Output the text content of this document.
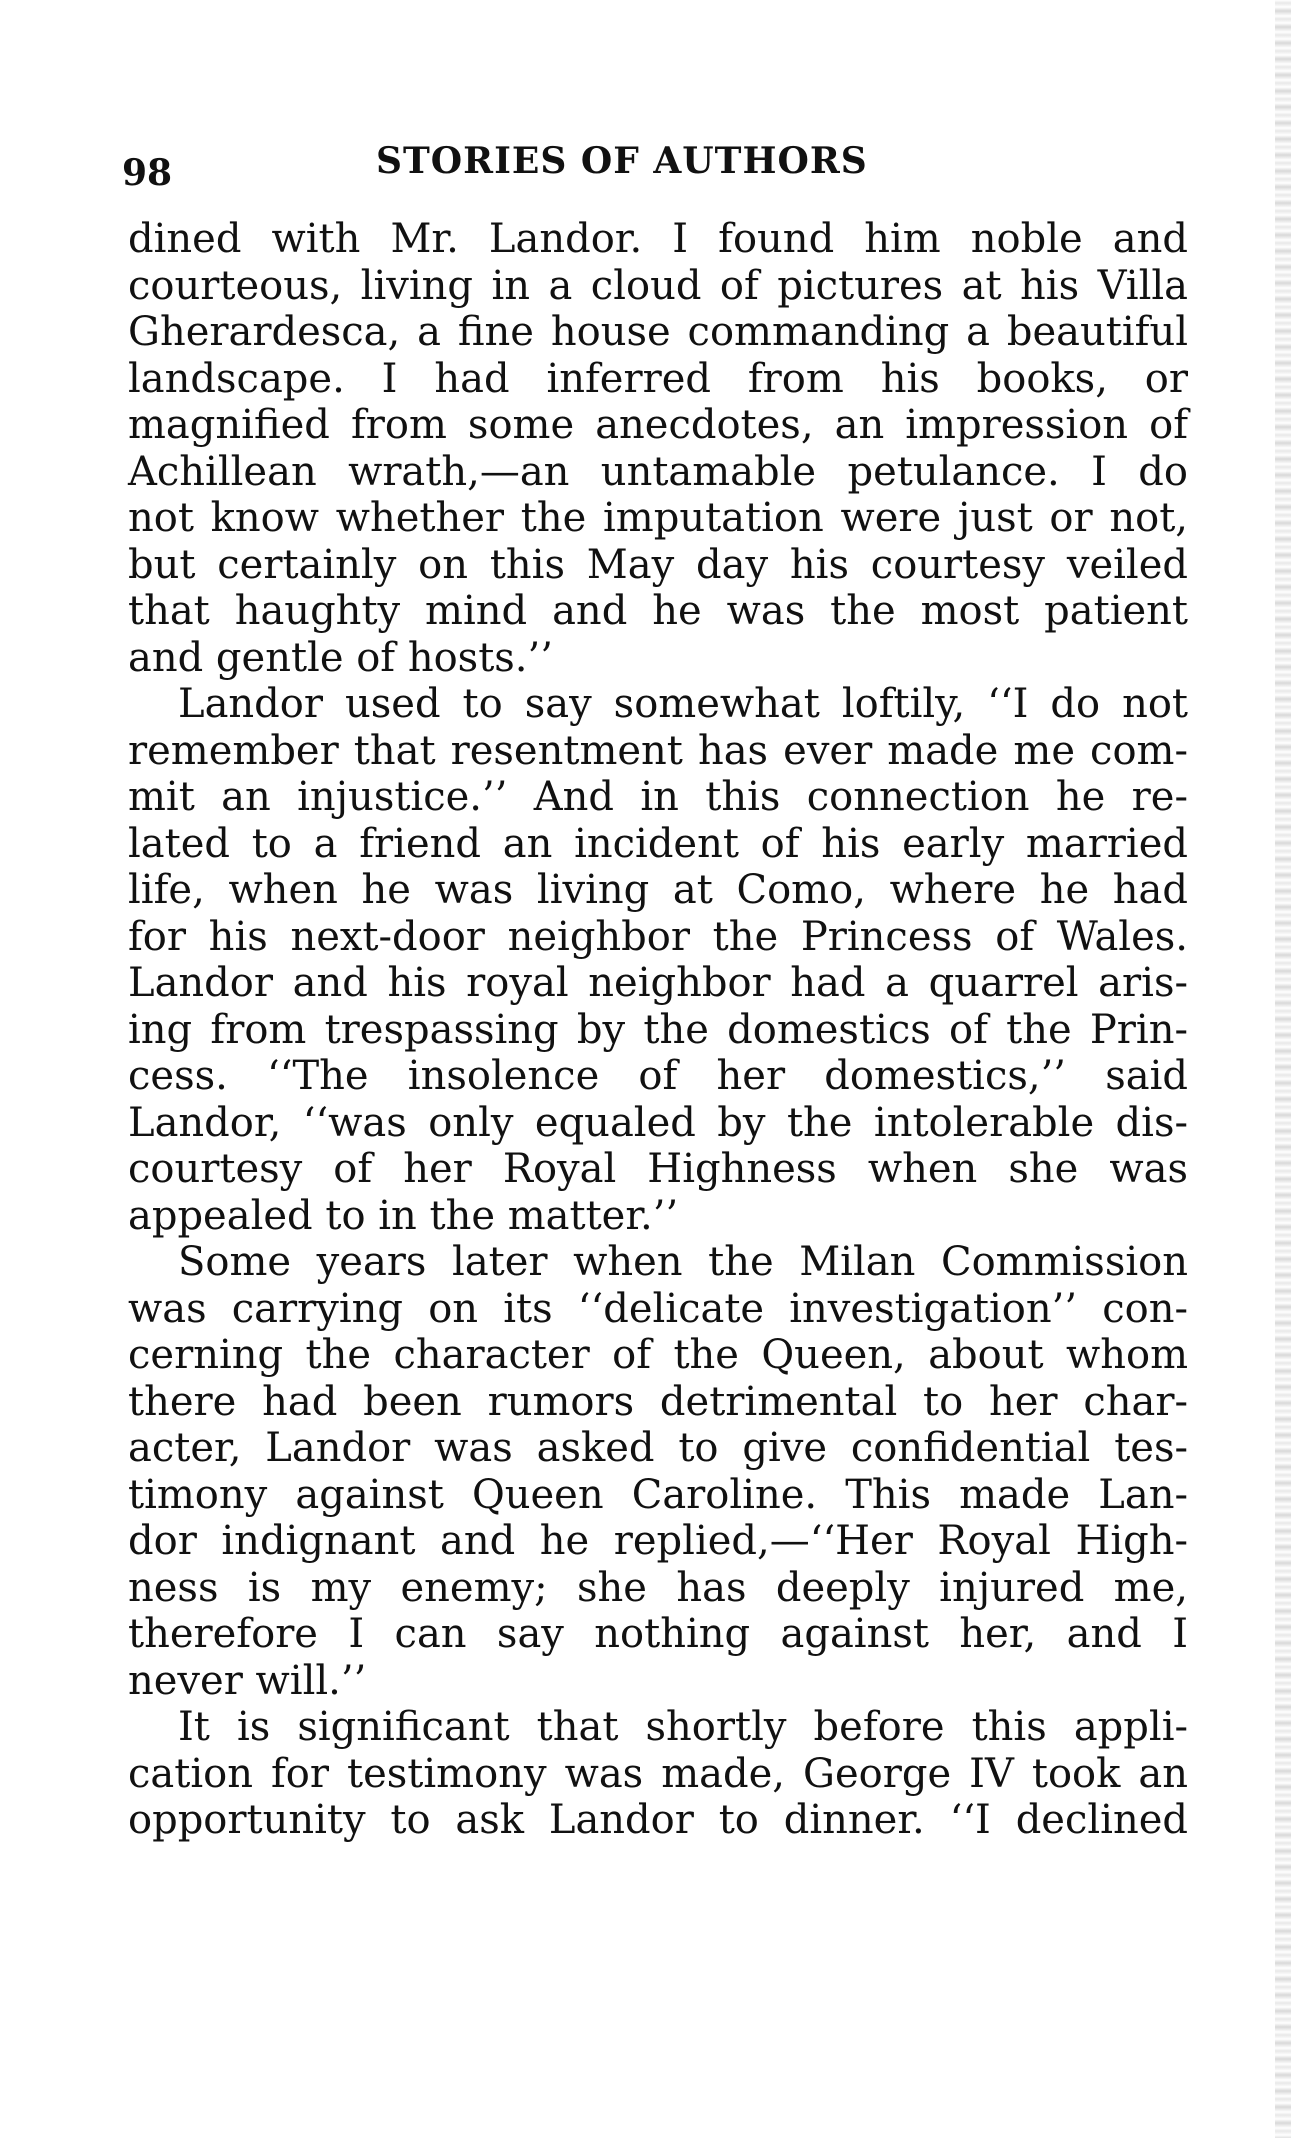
98	STORIES OF AUTHORS
dined with Mr. Landor. I found him noble and
courteous, living in a cloud of pictures at his Villa
Gherardesca, a fine house commanding a beautiful
landscape. I had inferred from his books, or
magnified from some anecdotes, an impression of
Achillean wrath,—an untamable petulance. I do
not know whether the imputation were just or not,
but certainly on this May day his courtesy veiled
that haughty mind and he was the most patient
and gentle of hosts.’’
Landor used to say somewhat loftily, ‘‘I do not
remember that resentment has ever made me com-
mit an injustice.’’ And in this connection he re-
lated to a friend an incident of his early married
life, when he was living at Como, where he had
for his next-door neighbor the Princess of Wales.
Landor and his royal neighbor had a quarrel aris-
ing from trespassing by the domestics of the Prin-
cess. ‘‘The insolence of her domestics,’’ said
Landor, ‘‘was only equaled by the intolerable dis-
courtesy of her Royal Highness when she was
appealed to in the matter.’’
Some years later when the Milan Commission
was carrying on its ‘‘delicate investigation’’ con-
cerning the character of the Queen, about whom
there had been rumors detrimental to her char-
acter, Landor was asked to give confidential tes-
timony against Queen Caroline. This made Lan-
dor indignant and he replied,—‘‘Her Royal High-
ness is my enemy; she has deeply injured me,
therefore I can say nothing against her, and I
never will.’’
It is significant that shortly before this appli-
cation for testimony was made, George IV took an
opportunity to ask Landor to dinner. ‘‘I declined
